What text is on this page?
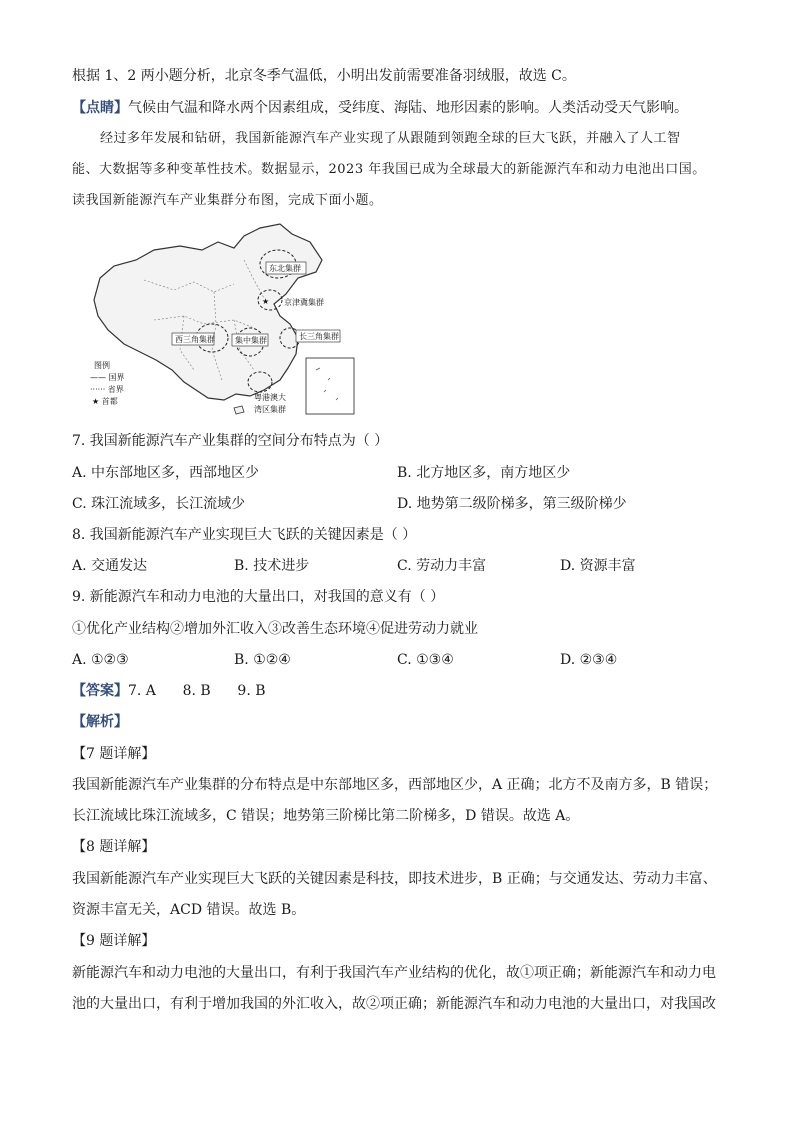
根据 1、2 两小题分析，北京冬季气温低，小明出发前需要准备羽绒服，故选 C。
【点睛】气候由气温和降水两个因素组成，受纬度、海陆、地形因素的影响。人类活动受天气影响。
经过多年发展和钻研，我国新能源汽车产业实现了从跟随到领跑全球的巨大飞跃，并融入了人工智
能、大数据等多种变革性技术。数据显示，2023 年我国已成为全球最大的新能源汽车和动力电池出口国。
读我国新能源汽车产业集群分布图，完成下面小题。
★
东北集群
京津冀集群
长三角集群
西三角集群	集中集群
粤港澳大
湾区集群
图例
—— 国界
······ 省界
★ 首都
7. 我国新能源汽车产业集群的空间分布特点为（ ）
A. 中东部地区多，西部地区少	B. 北方地区多，南方地区少
C. 珠江流域多，长江流域少	D. 地势第二级阶梯多，第三级阶梯少
8. 我国新能源汽车产业实现巨大飞跃的关键因素是（ ）
A. 交通发达	B. 技术进步	C. 劳动力丰富	D. 资源丰富
9. 新能源汽车和动力电池的大量出口，对我国的意义有（ ）
①优化产业结构②增加外汇收入③改善生态环境④促进劳动力就业
A. ①②③	B. ①②④	C. ①③④	D. ②③④
【答案】7. A      8. B      9. B
【解析】
【7 题详解】
我国新能源汽车产业集群的分布特点是中东部地区多，西部地区少，A 正确；北方不及南方多，B 错误；
长江流域比珠江流域多，C 错误；地势第三阶梯比第二阶梯多，D 错误。故选 A。
【8 题详解】
我国新能源汽车产业实现巨大飞跃的关键因素是科技，即技术进步，B 正确；与交通发达、劳动力丰富、
资源丰富无关，ACD 错误。故选 B。
【9 题详解】
新能源汽车和动力电池的大量出口，有利于我国汽车产业结构的优化，故①项正确；新能源汽车和动力电
池的大量出口，有利于增加我国的外汇收入，故②项正确；新能源汽车和动力电池的大量出口，对我国改
